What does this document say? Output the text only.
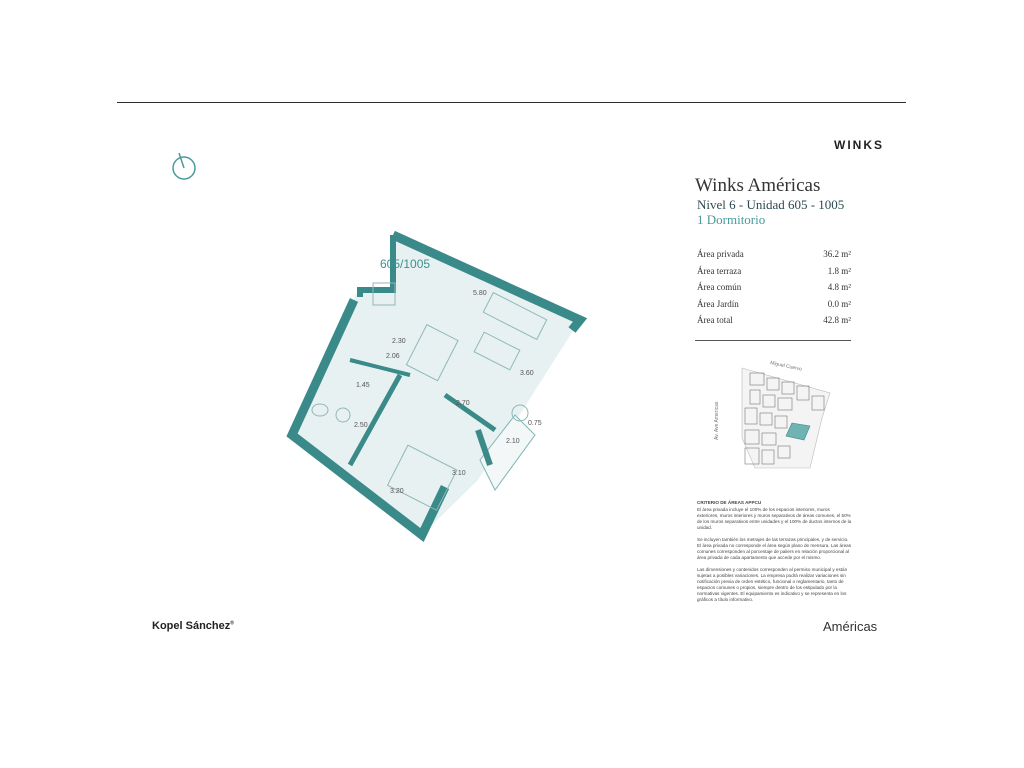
WINKS
605/1005
5.80
2.30
2.06
1.45
2.70
3.60
0.75
2.50
2.10
3.10
3.20
Winks Américas
Nivel 6 - Unidad 605 - 1005
1 Dormitorio
Área privada	36.2 m²
Área terraza	1.8 m²
Área común	4.8 m²
Área Jardín	0.0 m²
Área total	42.8 m²
Miguel Cuervo
Av. Ave Americas
CRITERIO DE ÁREAS APPCU

El área privada incluye el 100% de los espacios interiores, muros exteriores, muros interiores y muros separativos de áreas comunes, el 50% de los muros separativos entre unidades y el 100% de ductos internos de la unidad.

Se incluyen también los metrajes de las terrazas principales, y de servicio. El área privada no corresponde el área según plano de mensura. Las áreas comunes corresponden al porcentaje de paliers en relación proporcional al área privada de cada apartamento que accede por el mismo.

Las dimensiones y contenidos corresponden al permiso municipal y están sujetas a posibles variaciones. La empresa podrá realizar variaciones sin notificación previa de orden estético, funcional o reglamentario, tanto de espacios comunes o propios, siempre dentro de los estipulado por la normativas vigentes. El equipamiento es indicativo y se representa en los gráficos a título informativo.

Kopel Sánchez®	Américas
